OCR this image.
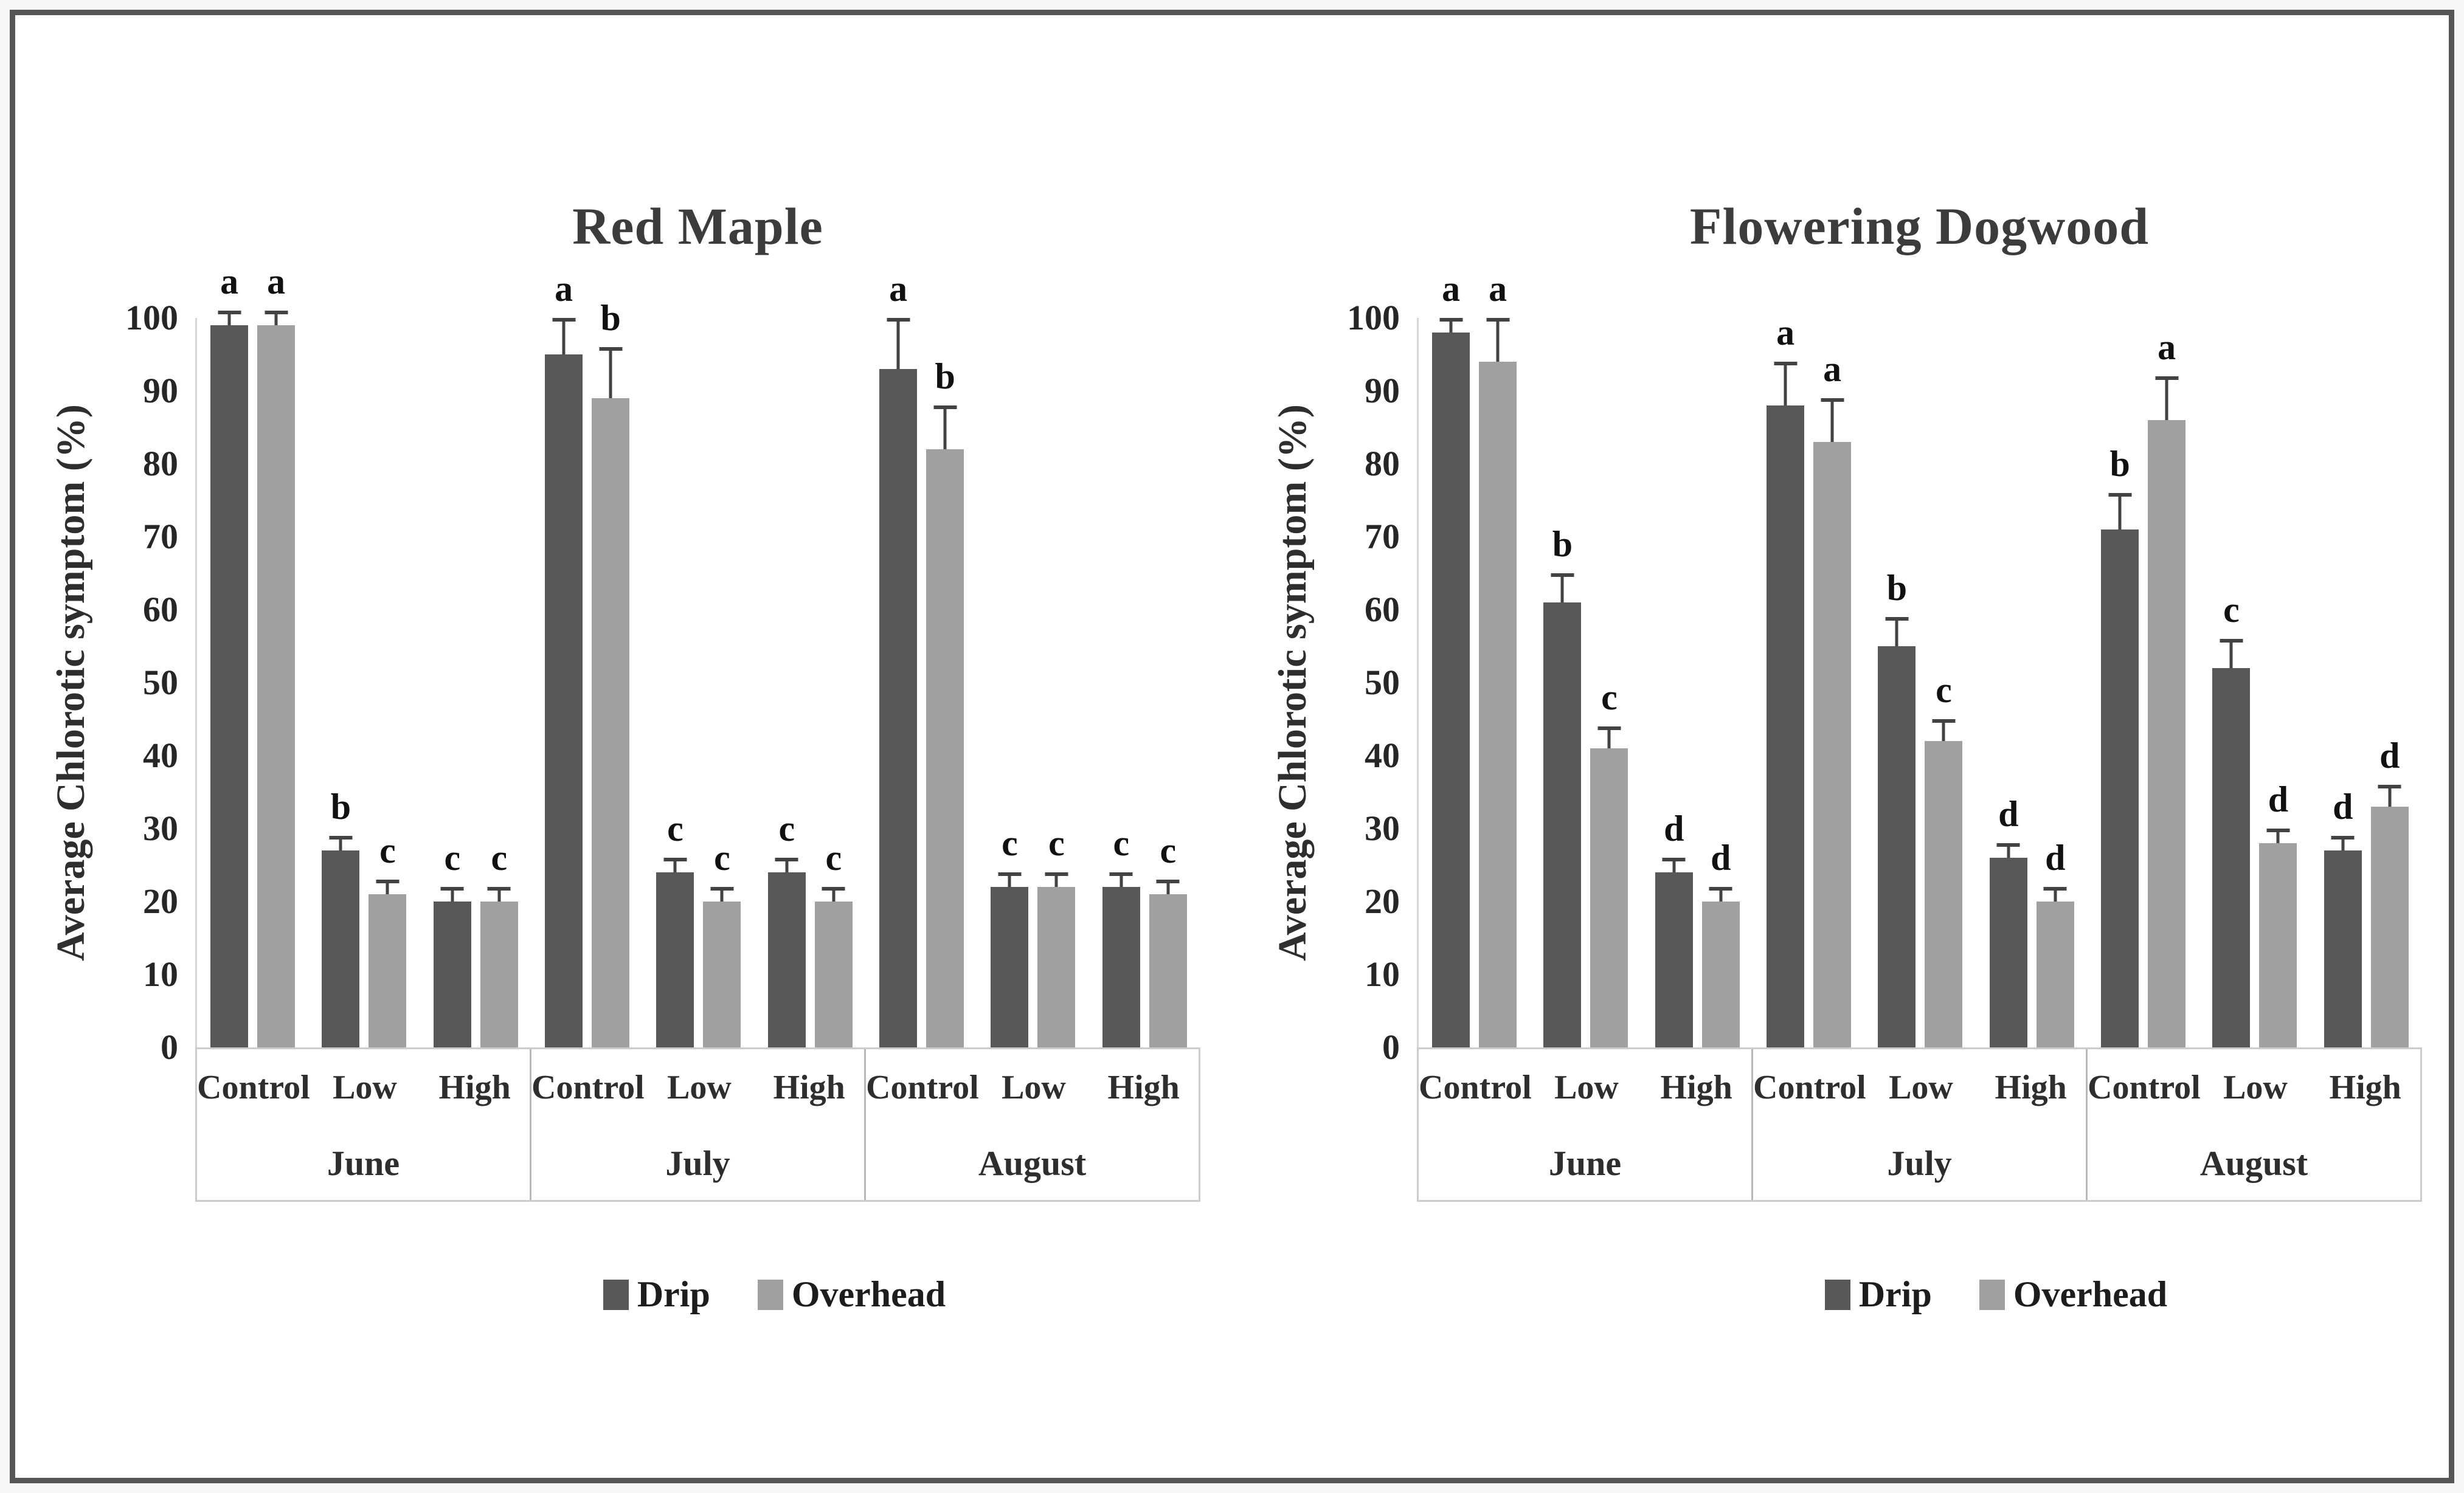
Red Maple
Average Chlorotic symptom (%)
0
10
20
30
40
50
60
70
80
90
100
a a
b
c c c
a
b
c
c
c
c
a
b
c c c c
Control Low	High
June
Control Low	High
July
Control Low	High
August
Drip Overhead
Flowering Dogwood
Average Chlorotic symptom (%)
0
10
20
30
40
50
60
70
80
90
100
a a
b
c
d
d
a
a
b
c
d
d
b
a
c
d d
d
Control Low	High
June
Control Low	High
July
Control Low	High
August
Drip Overhead
